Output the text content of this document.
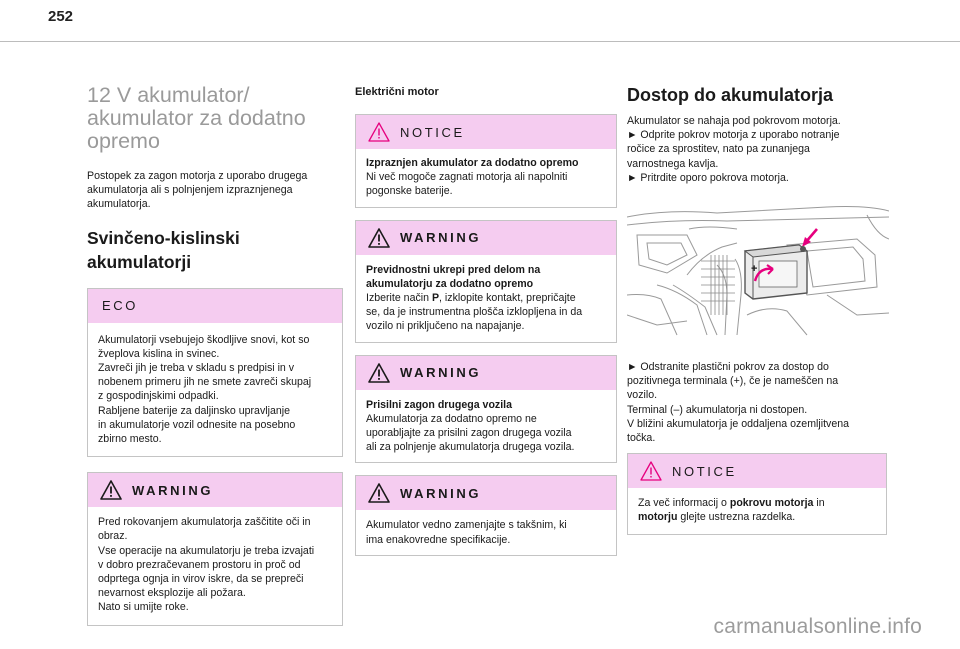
252
12 V akumulator/
akumulator za dodatno
opremo

Postopek za zagon motorja z uporabo drugega

akumulatorja ali s polnjenjem izpraznjenega

akumulatorja.

Svinčeno-kislinski
akumulatorji
ECO

Akumulatorji vsebujejo škodljive snovi, kot so

žveplova kislina in svinec.

Zavreči jih je treba v skladu s predpisi in v

nobenem primeru jih ne smete zavreči skupaj

z gospodinjskimi odpadki.

Rabljene baterije za daljinsko upravljanje

in akumulatorje vozil odnesite na posebno

zbirno mesto.

WARNING

Pred rokovanjem akumulatorja zaščitite oči in

obraz.

Vse operacije na akumulatorju je treba izvajati

v dobro prezračevanem prostoru in proč od

odprtega ognja in virov iskre, da se prepreči

nevarnost eksplozije ali požara.

Nato si umijte roke.

Električni motor
NOTICE

Izpraznjen akumulator za dodatno opremo

Ni več mogoče zagnati motorja ali napolniti

pogonske baterije.

WARNING

Previdnostni ukrepi pred delom na

akumulatorju za dodatno opremo

Izberite način P, izklopite kontakt, prepričajte

se, da je instrumentna plošča izklopljena in da

vozilo ni priključeno na napajanje.

WARNING

Prisilni zagon drugega vozila

Akumulatorja za dodatno opremo ne

uporabljajte za prisilni zagon drugega vozila

ali za polnjenje akumulatorja drugega vozila.

WARNING

Akumulator vedno zamenjajte s takšnim, ki

ima enakovredne specifikacije.

Dostop do akumulatorja

Akumulator se nahaja pod pokrovom motorja.

► Odprite pokrov motorja z uporabo notranje

ročice za sprostitev, nato pa zunanjega

varnostnega kavlja.

► Pritrdite oporo pokrova motorja.

+

► Odstranite plastični pokrov za dostop do

pozitivnega terminala (+), če je nameščen na

vozilo.

Terminal (–) akumulatorja ni dostopen.

V bližini akumulatorja je oddaljena ozemljitvena

točka.

NOTICE

Za več informacij o pokrovu motorja in

motorju glejte ustrezna razdelka.

carmanualsonline.info
